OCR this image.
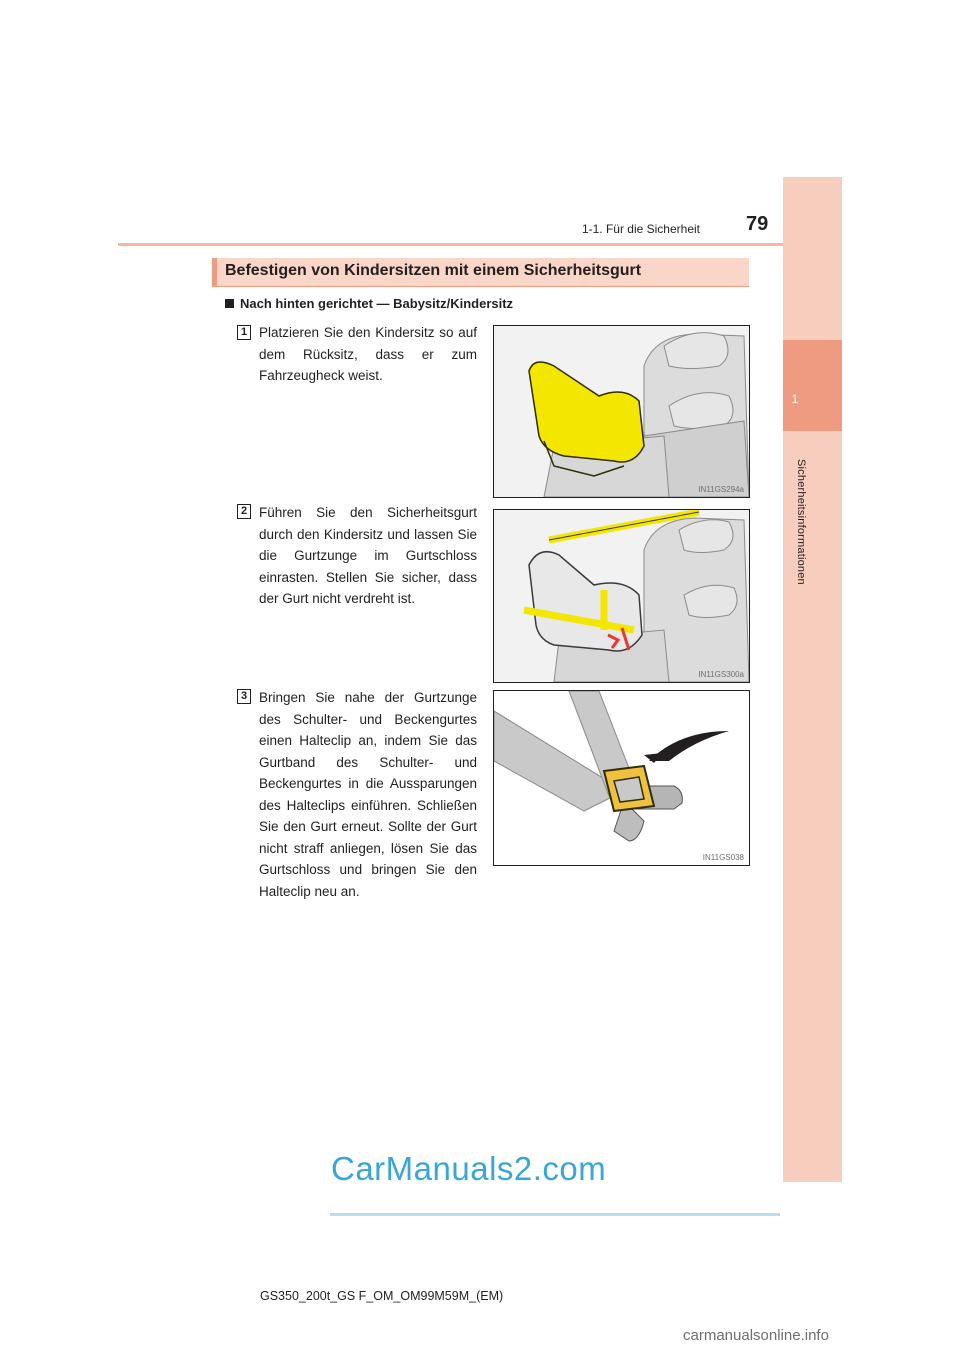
1
Sicherheitsinformationen
1-1. Für die Sicherheit 79
Befestigen von Kindersitzen mit einem Sicherheitsgurt
Nach hinten gerichtet — Babysitz/Kindersitz
1 Platzieren Sie den Kindersitz so auf dem Rücksitz, dass er zum Fahrzeugheck weist.
IN11GS294a
2 Führen Sie den Sicherheitsgurt durch den Kindersitz und lassen Sie die Gurtzunge im Gurtschloss einrasten. Stellen Sie sicher, dass der Gurt nicht verdreht ist.
IN11GS300a
3 Bringen Sie nahe der Gurtzunge des Schulter- und Beckengurtes einen Halteclip an, indem Sie das Gurtband des Schulter- und Beckengurtes in die Aussparungen des Halteclips einführen. Schließen Sie den Gurt erneut. Sollte der Gurt nicht straff anliegen, lösen Sie das Gurtschloss und bringen Sie den Halteclip neu an.
IN11GS038
CarManuals2.com
GS350_200t_GS F_OM_OM99M59M_(EM)
carmanualsonline.info
